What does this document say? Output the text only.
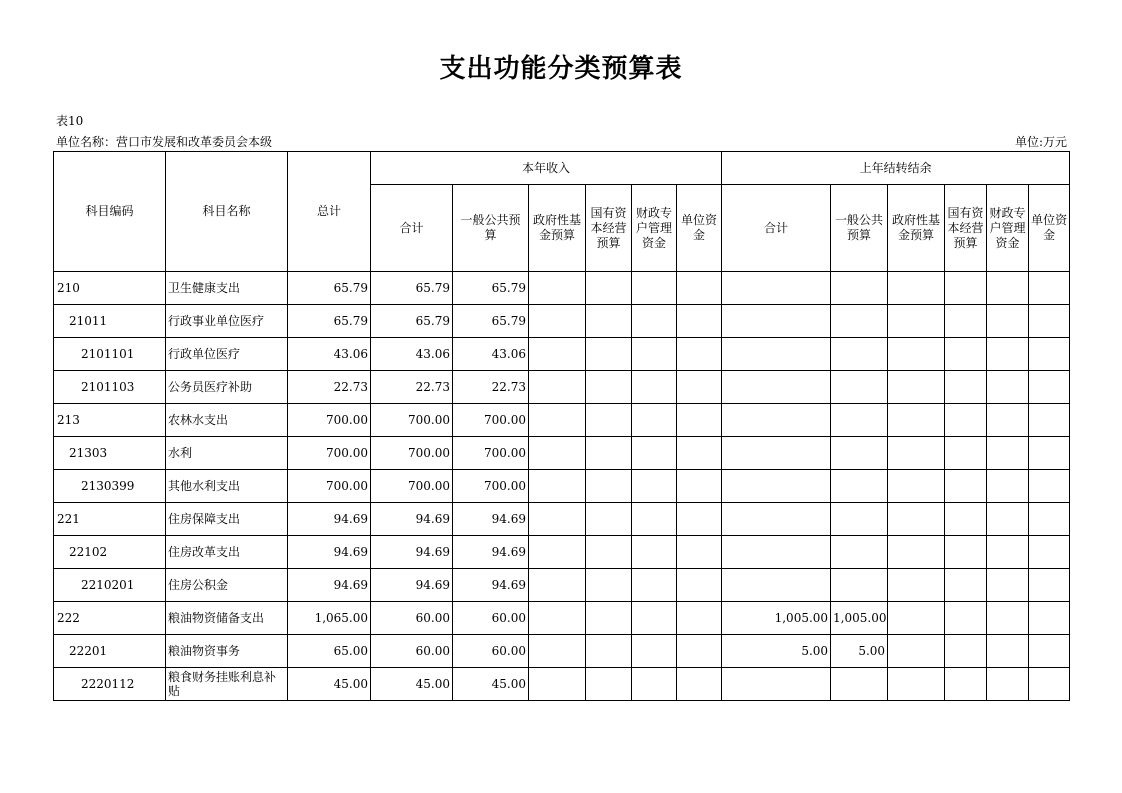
支出功能分类预算表
表10
单位名称：营口市发展和改革委员会本级	单位:万元
科目编码	科目名称	总计	本年收入						上年结转结余					
			合计	一般公共预算	政府性基金预算	国有资本经营预算	财政专户管理资金	单位资金	合计	一般公共预算	政府性基金预算	国有资本经营预算	财政专户管理资金	单位资金
210	卫生健康支出	65.79	65.79	65.79										
21011	行政事业单位医疗	65.79	65.79	65.79										
2101101	行政单位医疗	43.06	43.06	43.06										
2101103	公务员医疗补助	22.73	22.73	22.73										
213	农林水支出	700.00	700.00	700.00										
21303	水利	700.00	700.00	700.00										
2130399	其他水利支出	700.00	700.00	700.00										
221	住房保障支出	94.69	94.69	94.69										
22102	住房改革支出	94.69	94.69	94.69										
2210201	住房公积金	94.69	94.69	94.69										
222	粮油物资储备支出	1,065.00	60.00	60.00					1,005.00	1,005.00				
22201	粮油物资事务	65.00	60.00	60.00					5.00	5.00				
2220112	粮食财务挂账利息补贴	45.00	45.00	45.00										
